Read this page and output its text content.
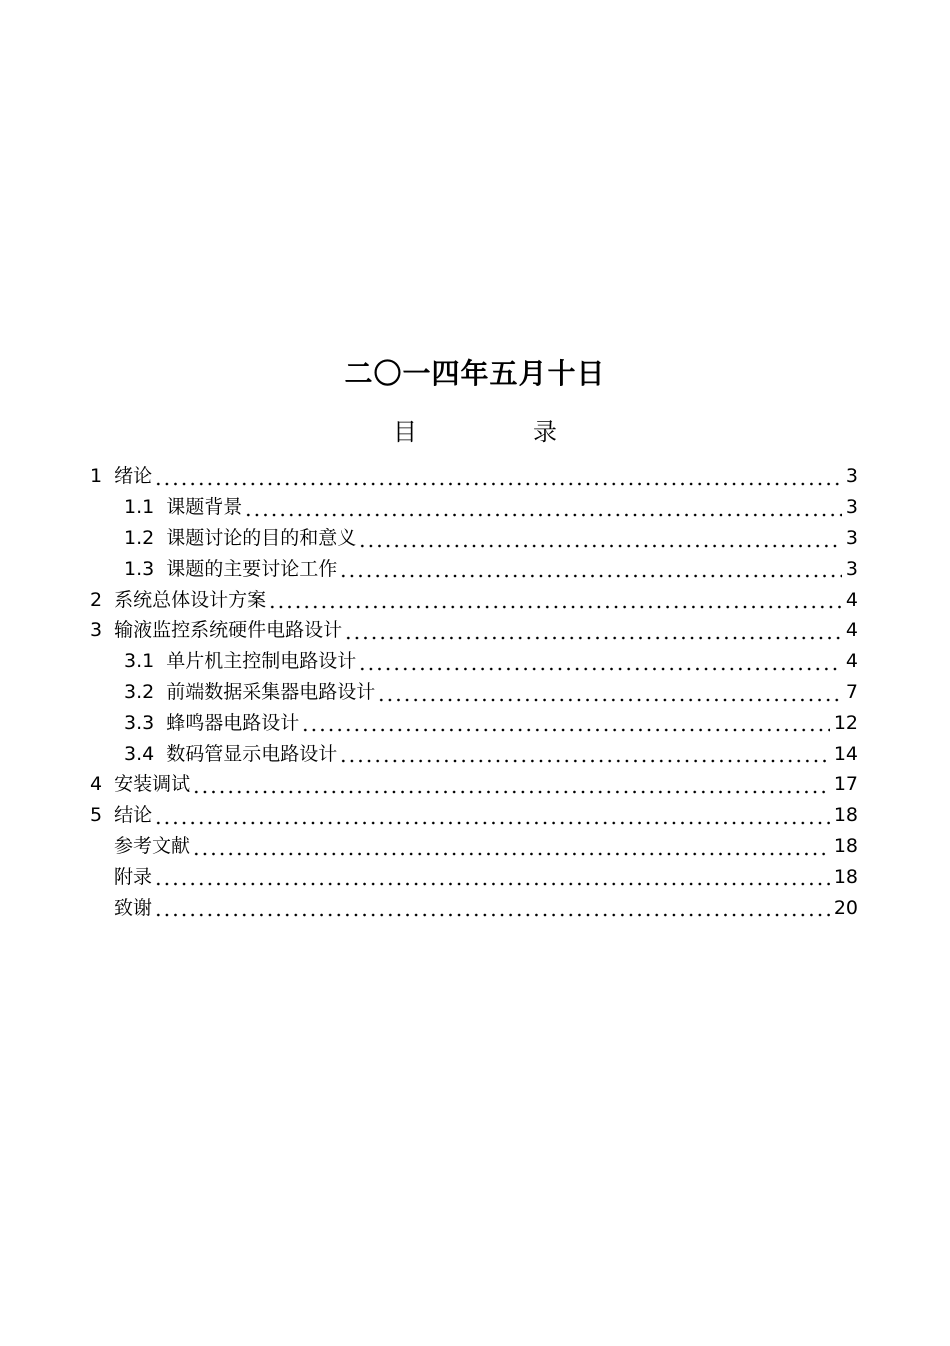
二〇一四年五月十日
目	录
1 绪论	3
1.1 课题背景	3
1.2 课题讨论的目的和意义	3
1.3 课题的主要讨论工作	3
2 系统总体设计方案	4
3 输液监控系统硬件电路设计	4
3.1 单片机主控制电路设计	4
3.2 前端数据采集器电路设计	7
3.3 蜂鸣器电路设计	12
3.4 数码管显示电路设计	14
4 安装调试	17
5 结论	18
参考文献	18
附录	18
致谢	20
